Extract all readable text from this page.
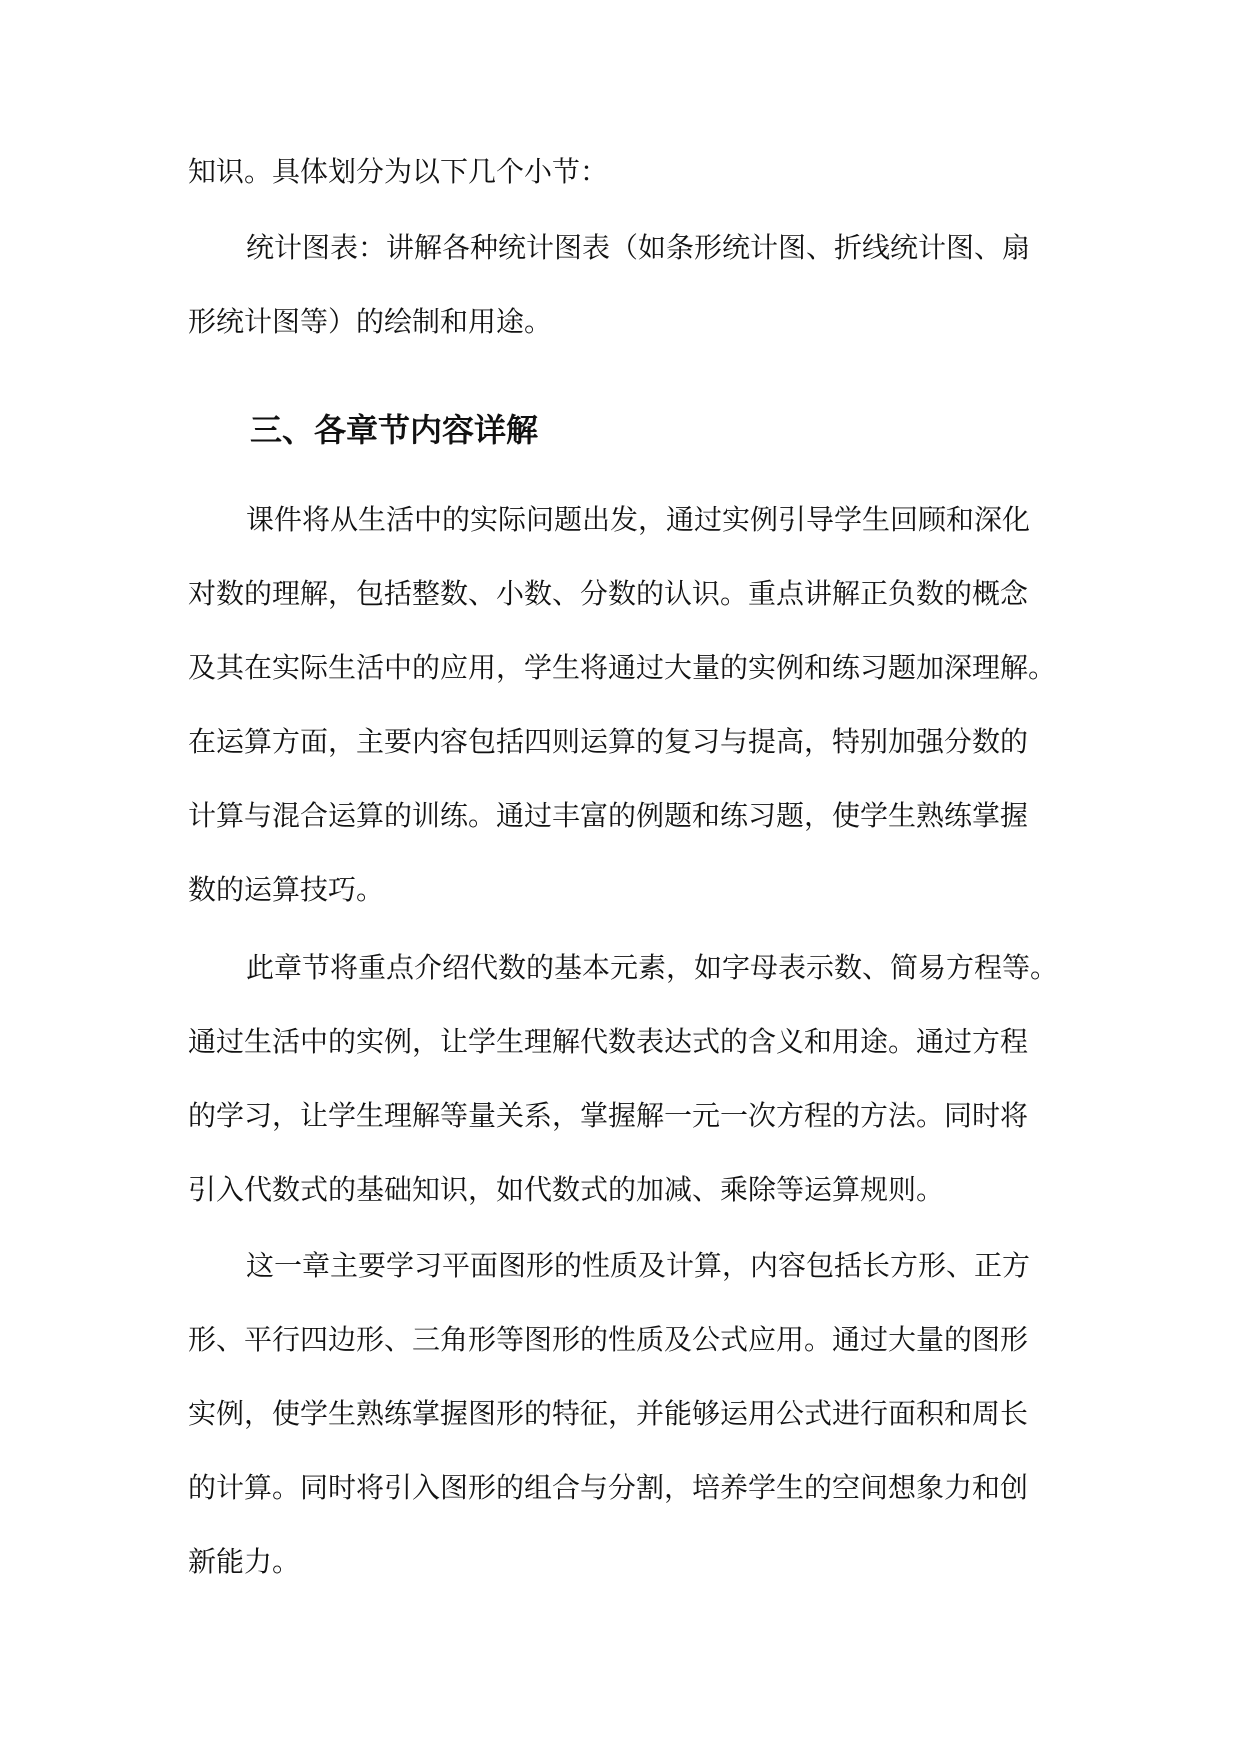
知识。具体划分为以下几个小节：
统计图表：讲解各种统计图表（如条形统计图、折线统计图、扇
形统计图等）的绘制和用途。
三、各章节内容详解
课件将从生活中的实际问题出发，通过实例引导学生回顾和深化
对数的理解，包括整数、小数、分数的认识。重点讲解正负数的概念
及其在实际生活中的应用，学生将通过大量的实例和练习题加深理解。
在运算方面，主要内容包括四则运算的复习与提高，特别加强分数的
计算与混合运算的训练。通过丰富的例题和练习题，使学生熟练掌握
数的运算技巧。
此章节将重点介绍代数的基本元素，如字母表示数、简易方程等。
通过生活中的实例，让学生理解代数表达式的含义和用途。通过方程
的学习，让学生理解等量关系，掌握解一元一次方程的方法。同时将
引入代数式的基础知识，如代数式的加减、乘除等运算规则。
这一章主要学习平面图形的性质及计算，内容包括长方形、正方
形、平行四边形、三角形等图形的性质及公式应用。通过大量的图形
实例，使学生熟练掌握图形的特征，并能够运用公式进行面积和周长
的计算。同时将引入图形的组合与分割，培养学生的空间想象力和创
新能力。
